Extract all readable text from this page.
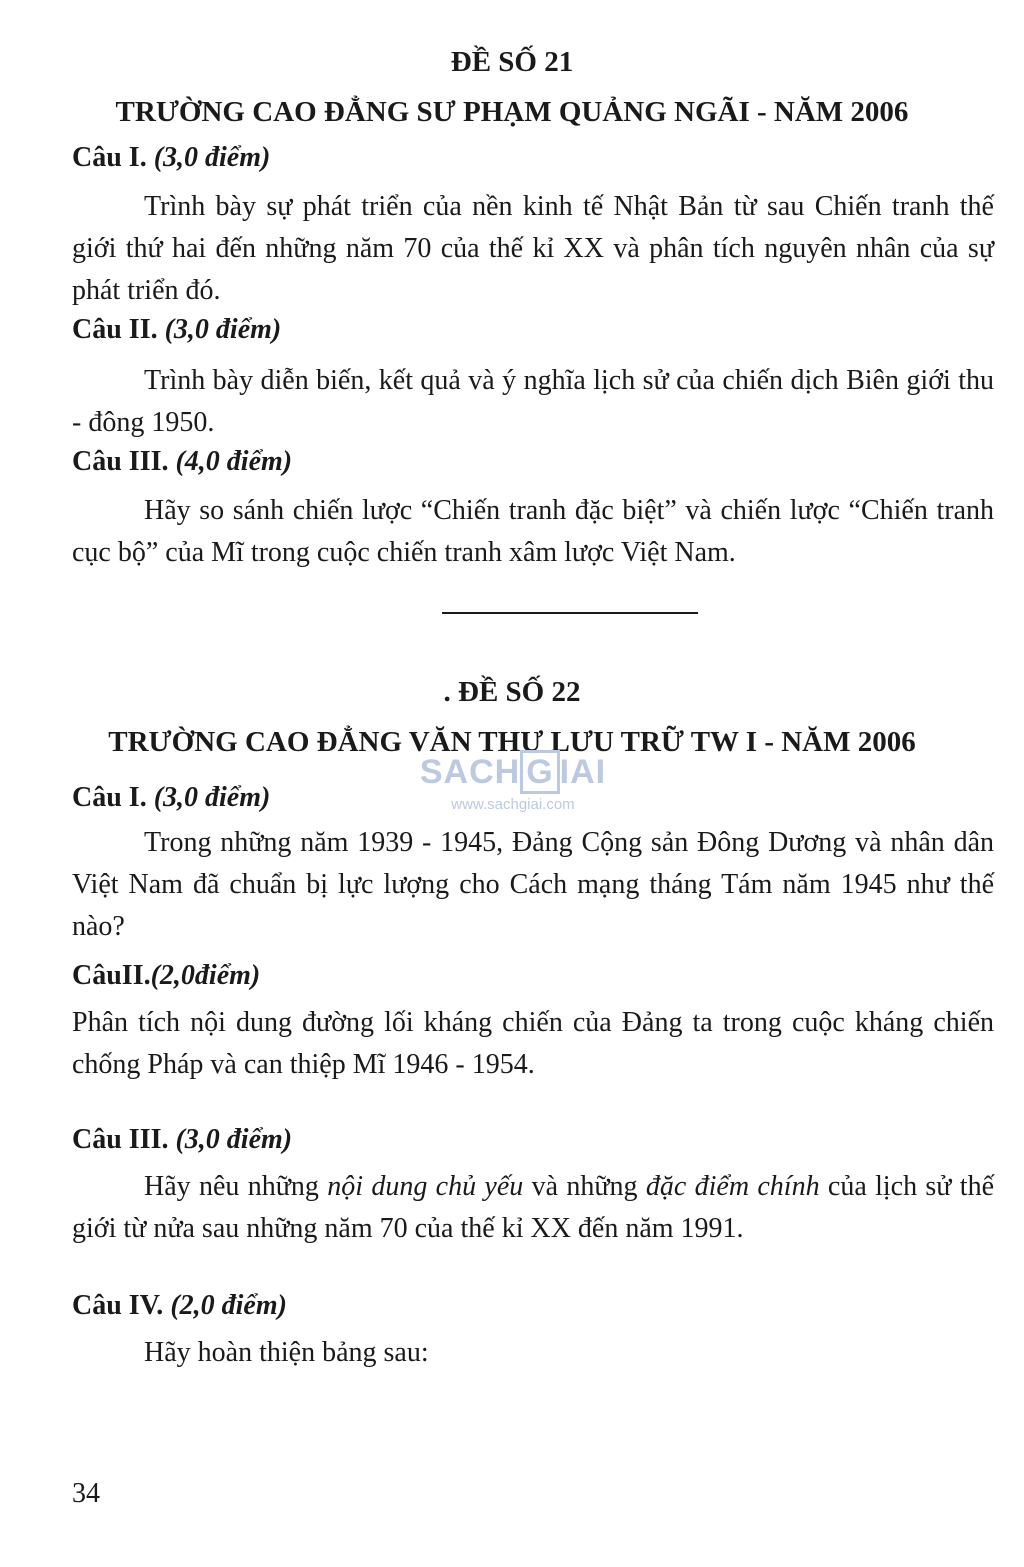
ĐỀ SỐ 21
TRƯỜNG CAO ĐẲNG SƯ PHẠM QUẢNG NGÃI - NĂM 2006

Câu I. (3,0 điểm)

Trình bày sự phát triển của nền kinh tế Nhật Bản từ sau Chiến tranh thế giới thứ hai đến những năm 70 của thế kỉ XX và phân tích nguyên nhân của sự phát triển đó.

Câu II. (3,0 điểm)

Trình bày diễn biến, kết quả và ý nghĩa lịch sử của chiến dịch Biên giới thu - đông 1950.

Câu III. (4,0 điểm)

Hãy so sánh chiến lược “Chiến tranh đặc biệt” và chiến lược “Chiến tranh cục bộ” của Mĩ trong cuộc chiến tranh xâm lược Việt Nam.

. ĐỀ SỐ 22
TRƯỜNG CAO ĐẲNG VĂN THƯ LƯU TRỮ TW I - NĂM 2006
SACH G IAI
www.sachgiai.com

Câu I. (3,0 điểm)

Trong những năm 1939 - 1945, Đảng Cộng sản Đông Dương và nhân dân Việt Nam đã chuẩn bị lực lượng cho Cách mạng tháng Tám năm 1945 như thế nào?

CâuII.(2,0điểm)

Phân tích nội dung đường lối kháng chiến của Đảng ta trong cuộc kháng chiến chống Pháp và can thiệp Mĩ 1946 - 1954.

Câu III. (3,0 điểm)

Hãy nêu những nội dung chủ yếu và những đặc điểm chính của lịch sử thế giới từ nửa sau những năm 70 của thế kỉ XX đến năm 1991.

Câu IV. (2,0 điểm)

Hãy hoàn thiện bảng sau:

34
